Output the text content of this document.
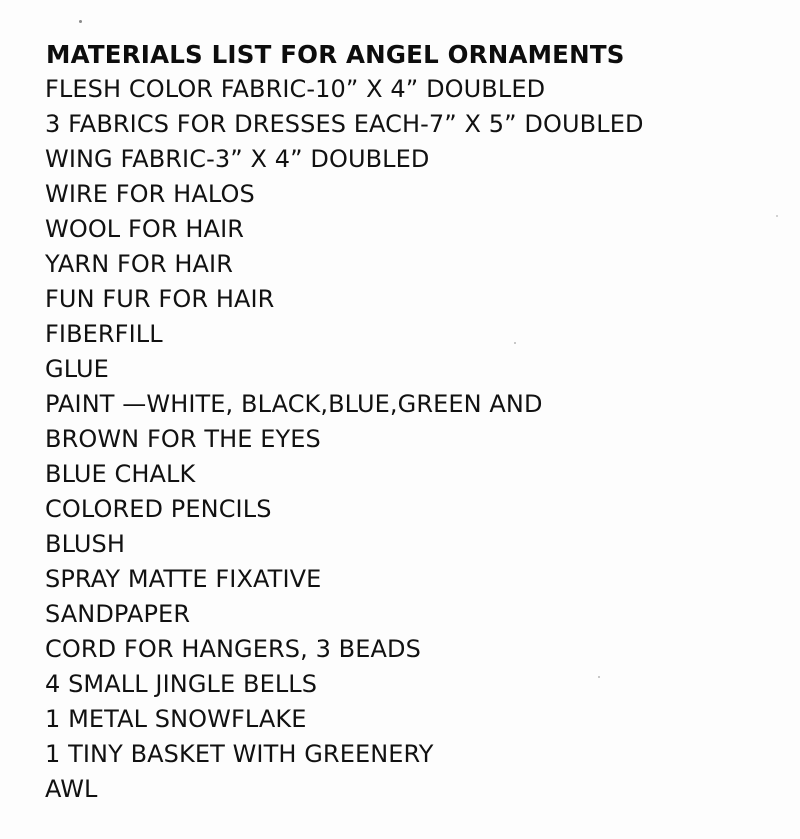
MATERIALS LIST FOR ANGEL ORNAMENTS
FLESH COLOR FABRIC-10” X 4” DOUBLED
3 FABRICS FOR DRESSES EACH-7” X 5” DOUBLED
WING FABRIC-3” X 4” DOUBLED
WIRE FOR HALOS
WOOL FOR HAIR
YARN FOR HAIR
FUN FUR FOR HAIR
FIBERFILL
GLUE
PAINT —WHITE, BLACK,BLUE,GREEN AND
BROWN FOR THE EYES
BLUE CHALK
COLORED PENCILS
BLUSH
SPRAY MATTE FIXATIVE
SANDPAPER
CORD FOR HANGERS, 3 BEADS
4 SMALL JINGLE BELLS
1 METAL SNOWFLAKE
1 TINY BASKET WITH GREENERY
AWL
